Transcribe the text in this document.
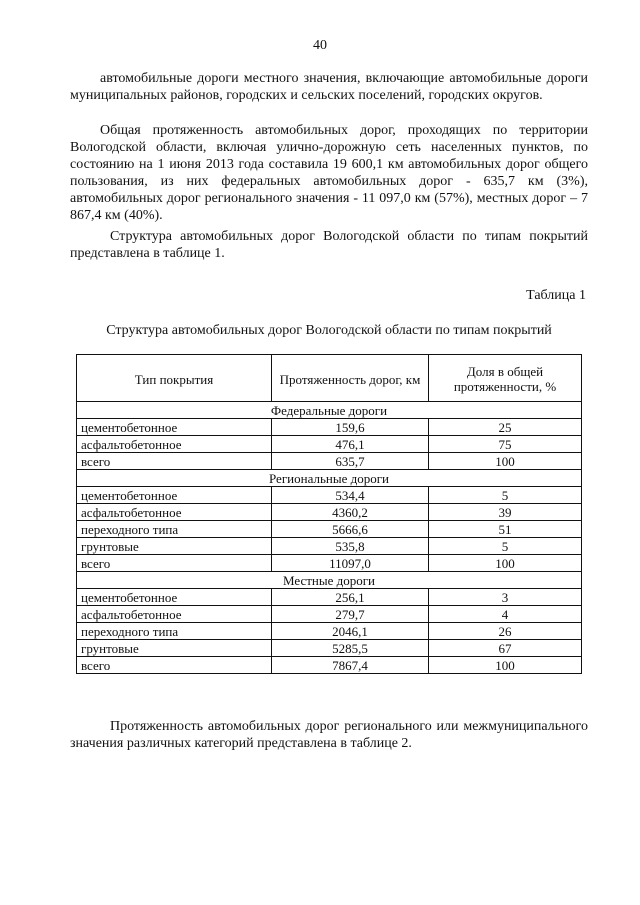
40

автомобильные дороги местного значения, включающие автомобильные дороги муниципальных районов, городских и сельских поселений, городских округов.

Общая протяженность автомобильных дорог, проходящих по территории Вологодской области, включая улично-дорожную сеть населенных пунктов, по состоянию на 1 июня 2013 года составила 19 600,1 км автомобильных дорог общего пользования, из них федеральных автомобильных дорог - 635,7 км (3%), автомобильных дорог регионального значения - 11 097,0 км (57%), местных дорог – 7 867,4 км (40%).

Структура автомобильных дорог Вологодской области по типам покрытий представлена в таблице 1.

Таблица 1
Структура автомобильных дорог Вологодской области по типам покрытий
Тип покрытия	Протяженность дорог, км	Доля в общей протяженности, %
Федеральные дороги		
цементобетонное	159,6	25
асфальтобетонное	476,1	75
всего	635,7	100
Региональные дороги		
цементобетонное	534,4	5
асфальтобетонное	4360,2	39
переходного типа	5666,6	51
грунтовые	535,8	5
всего	11097,0	100
Местные дороги		
цементобетонное	256,1	3
асфальтобетонное	279,7	4
переходного типа	2046,1	26
грунтовые	5285,5	67
всего	7867,4	100

Протяженность автомобильных дорог регионального или межмуниципального значения различных категорий представлена в таблице 2.
